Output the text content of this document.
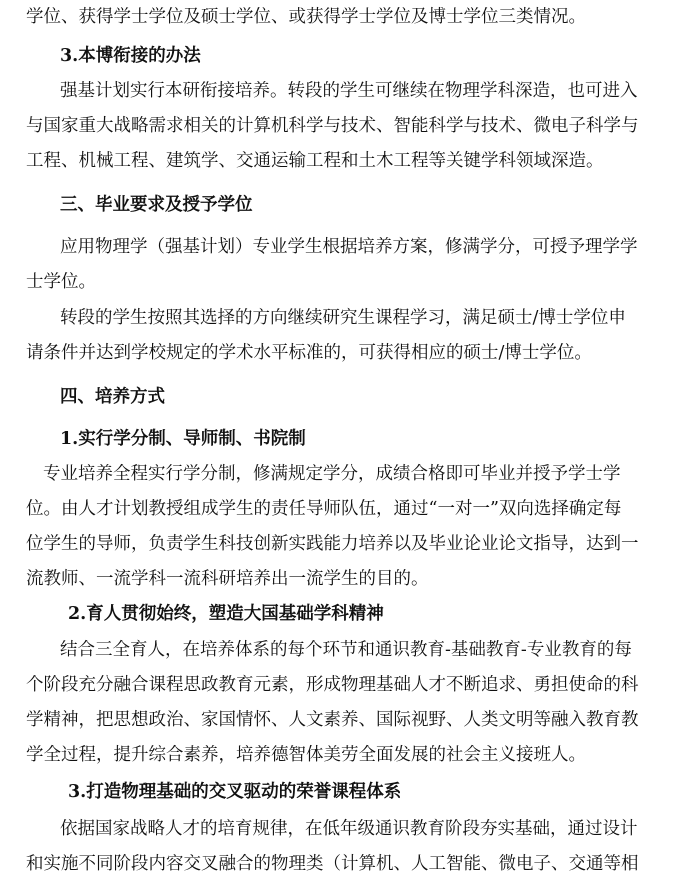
学位、获得学士学位及硕士学位、或获得学士学位及博士学位三类情况。
3.本博衔接的办法
强基计划实行本研衔接培养。转段的学生可继续在物理学科深造，也可进入
与国家重大战略需求相关的计算机科学与技术、智能科学与技术、微电子科学与
工程、机械工程、建筑学、交通运输工程和土木工程等关键学科领域深造。
三、毕业要求及授予学位
应用物理学（强基计划）专业学生根据培养方案，修满学分，可授予理学学
士学位。
转段的学生按照其选择的方向继续研究生课程学习，满足硕士/博士学位申
请条件并达到学校规定的学术水平标准的，可获得相应的硕士/博士学位。
四、培养方式
1.实行学分制、导师制、书院制
专业培养全程实行学分制，修满规定学分，成绩合格即可毕业并授予学士学
位。由人才计划教授组成学生的责任导师队伍，通过“一对一”双向选择确定每
位学生的导师，负责学生科技创新实践能力培养以及毕业论业论文指导，达到一
流教师、一流学科一流科研培养出一流学生的目的。
2.育人贯彻始终，塑造大国基础学科精神
结合三全育人，在培养体系的每个环节和通识教育-基础教育-专业教育的每
个阶段充分融合课程思政教育元素，形成物理基础人才不断追求、勇担使命的科
学精神，把思想政治、家国情怀、人文素养、国际视野、人类文明等融入教育教
学全过程，提升综合素养，培养德智体美劳全面发展的社会主义接班人。
3.打造物理基础的交叉驱动的荣誉课程体系
依据国家战略人才的培育规律，在低年级通识教育阶段夯实基础，通过设计
和实施不同阶段内容交叉融合的物理类（计算机、人工智能、微电子、交通等相
